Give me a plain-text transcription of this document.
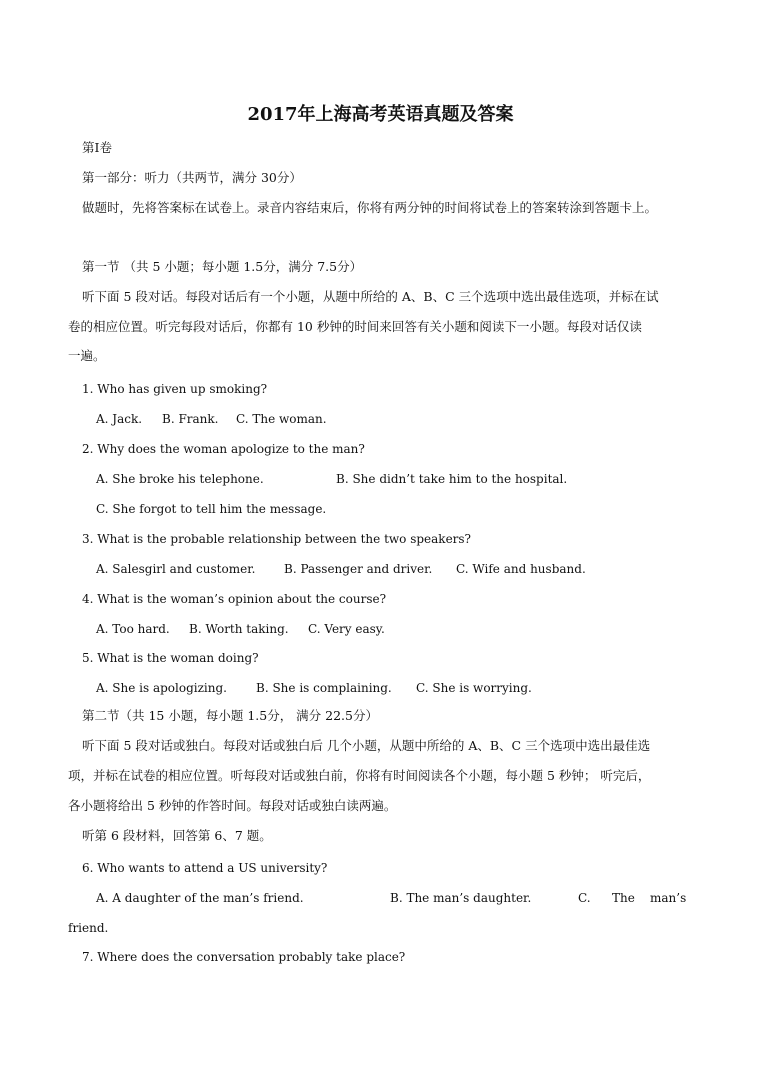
2017年上海高考英语真题及答案
第Ⅰ卷
第一部分：听力（共两节，满分 30分）
做题时，先将答案标在试卷上。录音内容结束后，你将有两分钟的时间将试卷上的答案转涂到答题卡上。
第一节 （共 5 小题；每小题 1.5分，满分 7.5分）
听下面 5 段对话。每段对话后有一个小题，从题中所给的 A、B、C 三个选项中选出最佳选项，并标在试
卷的相应位置。听完每段对话后，你都有 10 秒钟的时间来回答有关小题和阅读下一小题。每段对话仅读
一遍。
1. Who has given up smoking?
A. Jack. B. Frank. C. The woman.
2. Why does the woman apologize to the man?
A. She broke his telephone.	B. She didn’t take him to the hospital.
C. She forgot to tell him the message.
3. What is the probable relationship between the two speakers?
A. Salesgirl and customer. B. Passenger and driver. C. Wife and husband.
4. What is the woman’s opinion about the course?
A. Too hard. B. Worth taking. C. Very easy.
5. What is the woman doing?
A. She is apologizing. B. She is complaining. C. She is worrying.
第二节（共 15 小题，每小题 1.5分， 满分 22.5分）
听下面 5 段对话或独白。每段对话或独白后 几个小题，从题中所给的 A、B、C 三个选项中选出最佳选
项，并标在试卷的相应位置。听每段对话或独白前，你将有时间阅读各个小题，每小题 5 秒钟； 听完后，
各小题将给出 5 秒钟的作答时间。每段对话或独白读两遍。
听第 6 段材料，回答第 6、7 题。
6. Who wants to attend a US university?
A. A daughter of the man’s friend.	B. The man’s daughter.	C. The man’s
friend.
7. Where does the conversation probably take place?
